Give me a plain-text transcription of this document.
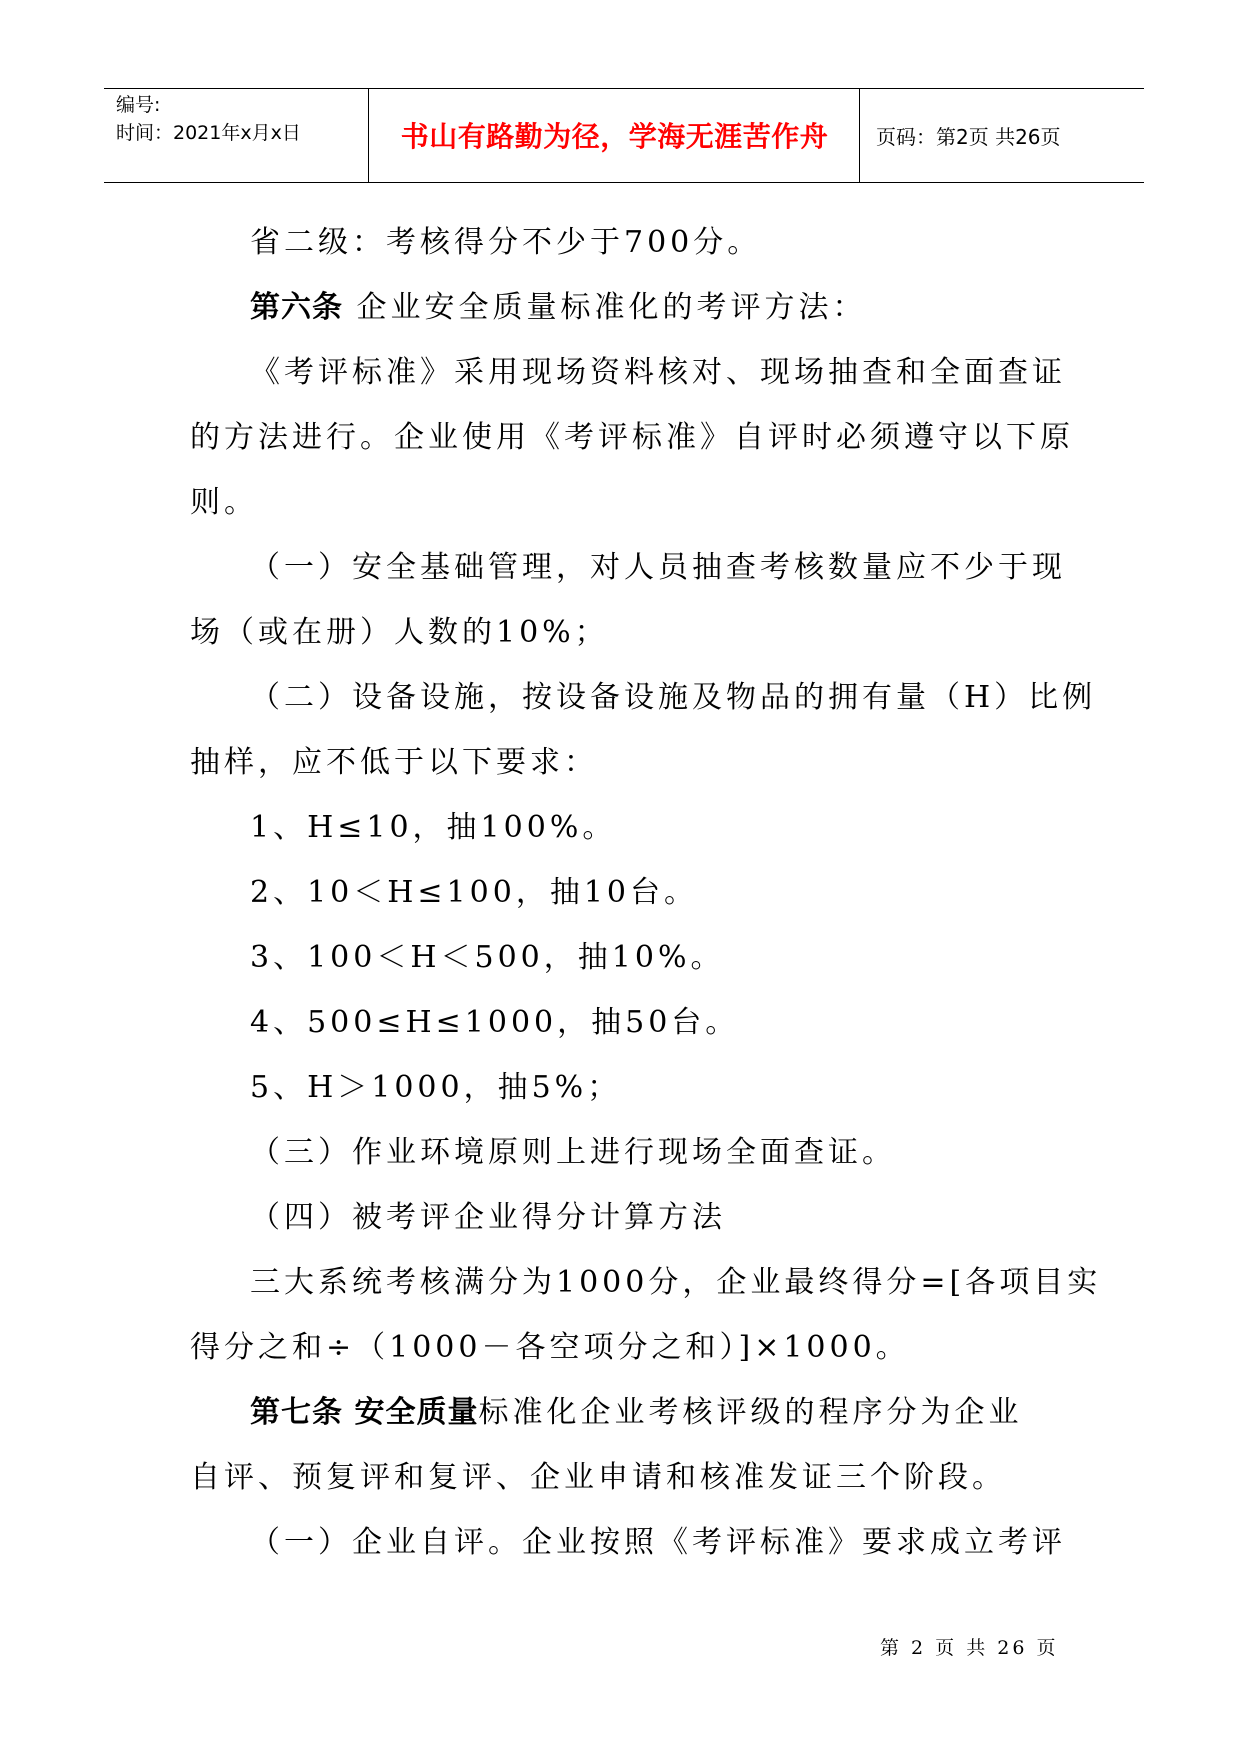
编号:
时间：2021年x月x日	书山有路勤为径，学海无涯苦作舟	页码：第2页 共26页
省二级：考核得分不少于700分。
第六条 企业安全质量标准化的考评方法：
《考评标准》采用现场资料核对、现场抽查和全面查证
的方法进行。企业使用《考评标准》自评时必须遵守以下原
则。
（一）安全基础管理，对人员抽查考核数量应不少于现
场（或在册）人数的10%；
（二）设备设施，按设备设施及物品的拥有量（H）比例
抽样，应不低于以下要求：
1、H≤10，抽100%。
2、10＜H≤100，抽10台。
3、100＜H＜500，抽10%。
4、500≤H≤1000，抽50台。
5、H＞1000，抽5%；
（三）作业环境原则上进行现场全面查证。
（四）被考评企业得分计算方法
三大系统考核满分为1000分，企业最终得分=[各项目实
得分之和÷（1000－各空项分之和）]×1000。
第七条 安全质量标准化企业考核评级的程序分为企业
自评、预复评和复评、企业申请和核准发证三个阶段。
（一）企业自评。企业按照《考评标准》要求成立考评
第 2 页 共 26 页
